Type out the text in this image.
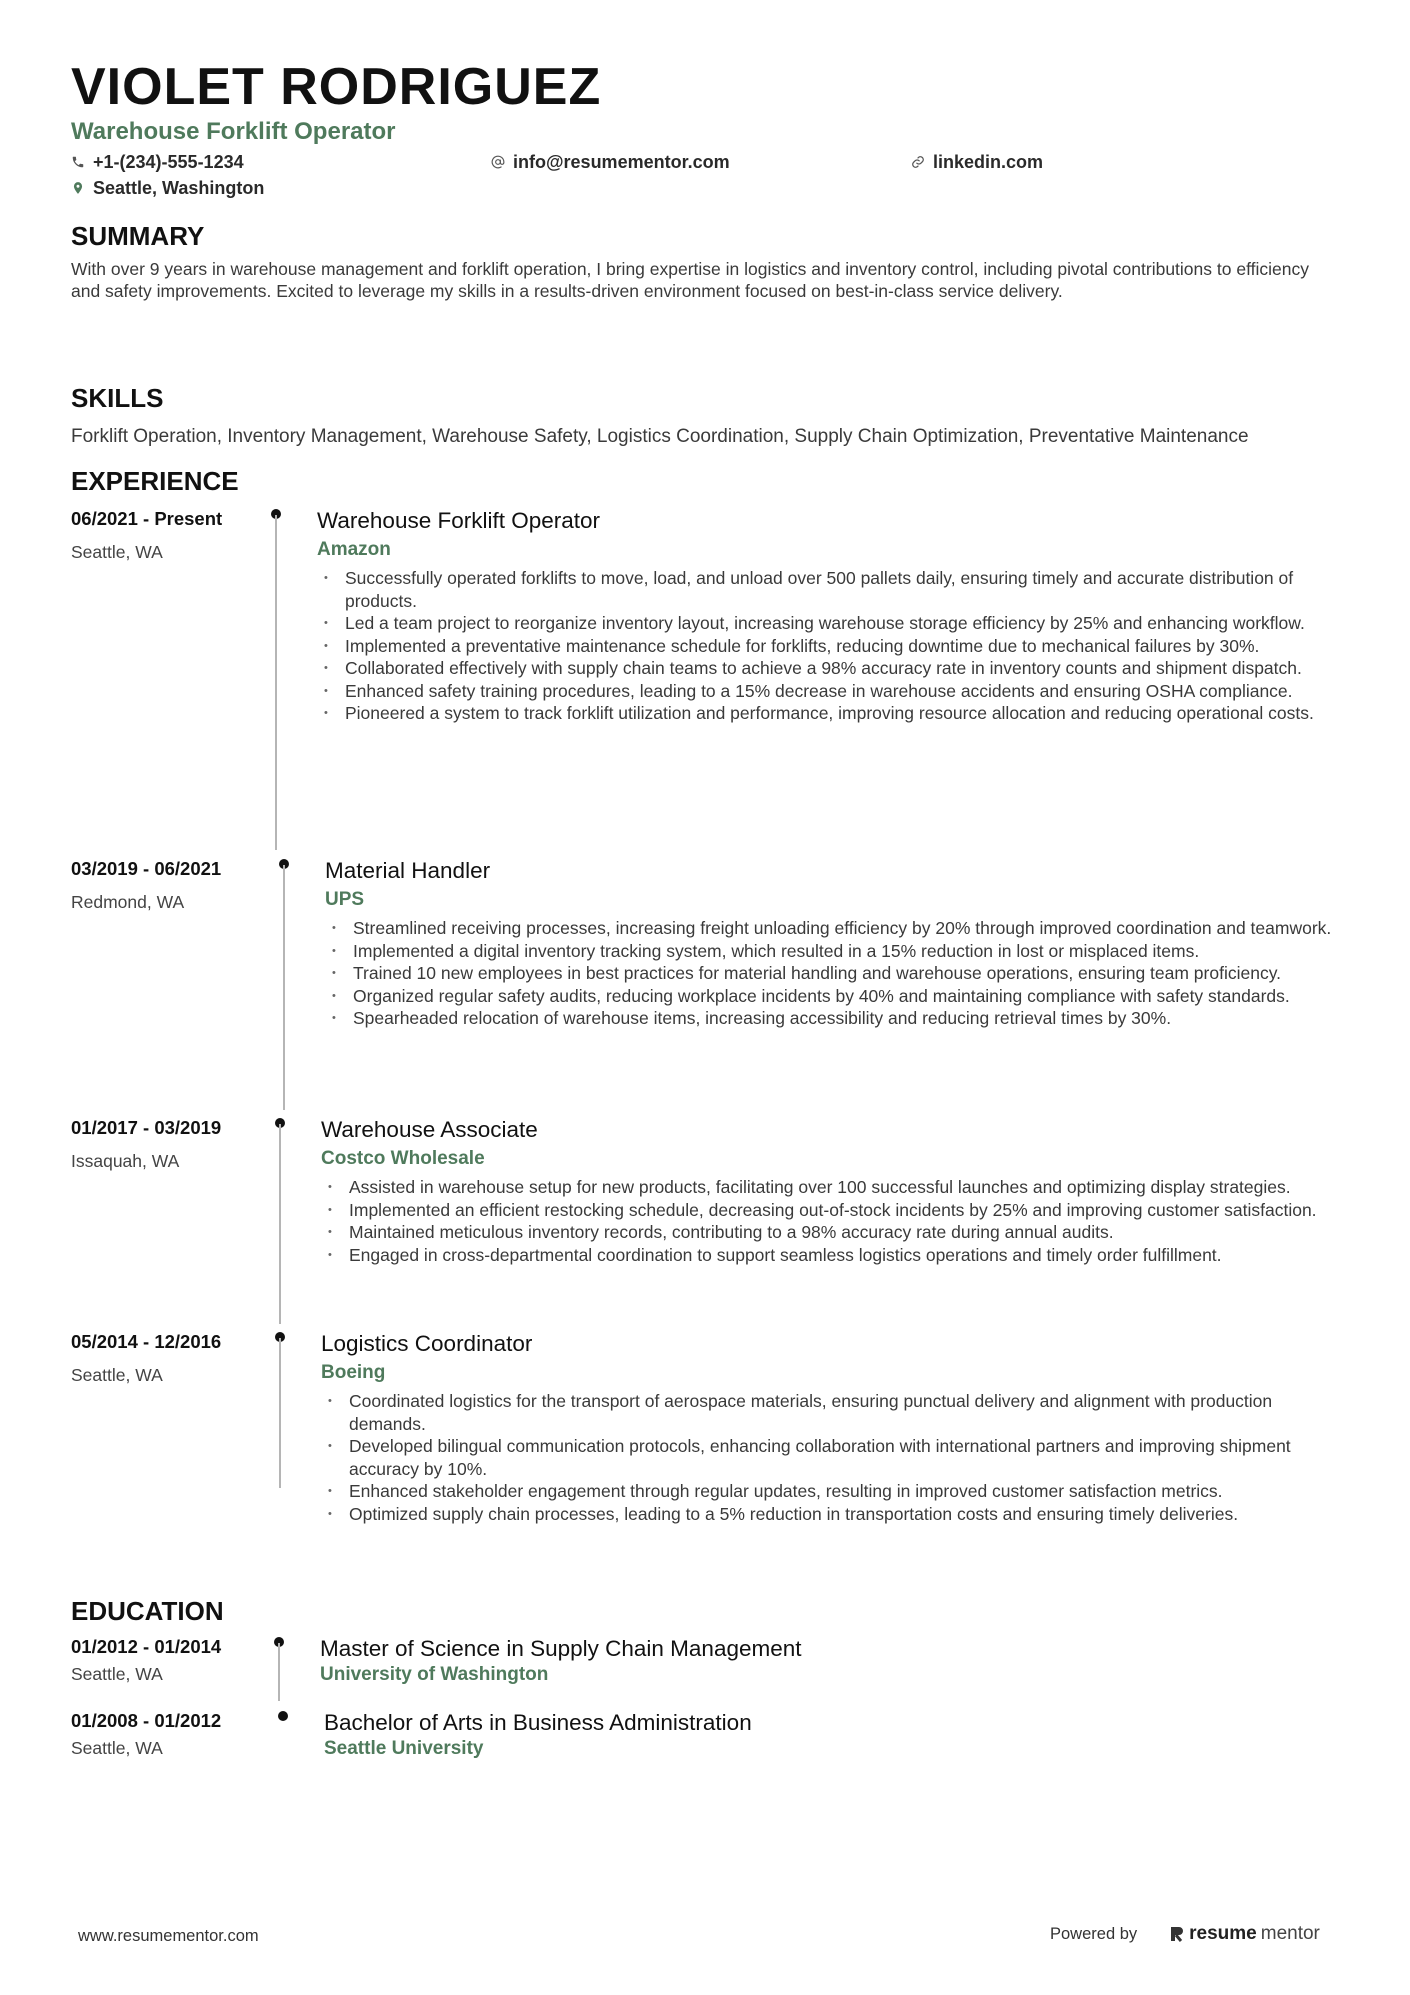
VIOLET RODRIGUEZ
Warehouse Forklift Operator
+1-(234)-555-1234	info@resumementor.com	linkedin.com
Seattle, Washington
SUMMARY

With over 9 years in warehouse management and forklift operation, I bring expertise in logistics and inventory control, including pivotal contributions to efficiency and safety improvements. Excited to leverage my skills in a results-driven environment focused on best-in-class service delivery.

SKILLS

Forklift Operation, Inventory Management, Warehouse Safety, Logistics Coordination, Supply Chain Optimization, Preventative Maintenance

EXPERIENCE
06/2021 - Present
Seattle, WA
Warehouse Forklift Operator
Amazon
• Successfully operated forklifts to move, load, and unload over 500 pallets daily, ensuring timely and accurate distribution of products.
• Led a team project to reorganize inventory layout, increasing warehouse storage efficiency by 25% and enhancing workflow.
• Implemented a preventative maintenance schedule for forklifts, reducing downtime due to mechanical failures by 30%.
• Collaborated effectively with supply chain teams to achieve a 98% accuracy rate in inventory counts and shipment dispatch.
• Enhanced safety training procedures, leading to a 15% decrease in warehouse accidents and ensuring OSHA compliance.
• Pioneered a system to track forklift utilization and performance, improving resource allocation and reducing operational costs.
03/2019 - 06/2021
Redmond, WA
Material Handler
UPS
• Streamlined receiving processes, increasing freight unloading efficiency by 20% through improved coordination and teamwork.
• Implemented a digital inventory tracking system, which resulted in a 15% reduction in lost or misplaced items.
• Trained 10 new employees in best practices for material handling and warehouse operations, ensuring team proficiency.
• Organized regular safety audits, reducing workplace incidents by 40% and maintaining compliance with safety standards.
• Spearheaded relocation of warehouse items, increasing accessibility and reducing retrieval times by 30%.
01/2017 - 03/2019
Issaquah, WA
Warehouse Associate
Costco Wholesale
• Assisted in warehouse setup for new products, facilitating over 100 successful launches and optimizing display strategies.
• Implemented an efficient restocking schedule, decreasing out-of-stock incidents by 25% and improving customer satisfaction.
• Maintained meticulous inventory records, contributing to a 98% accuracy rate during annual audits.
• Engaged in cross-departmental coordination to support seamless logistics operations and timely order fulfillment.
05/2014 - 12/2016
Seattle, WA
Logistics Coordinator
Boeing
• Coordinated logistics for the transport of aerospace materials, ensuring punctual delivery and alignment with production demands.
• Developed bilingual communication protocols, enhancing collaboration with international partners and improving shipment accuracy by 10%.
• Enhanced stakeholder engagement through regular updates, resulting in improved customer satisfaction metrics.
• Optimized supply chain processes, leading to a 5% reduction in transportation costs and ensuring timely deliveries.
EDUCATION
01/2012 - 01/2014
Seattle, WA
Master of Science in Supply Chain Management
University of Washington
01/2008 - 01/2012
Seattle, WA
Bachelor of Arts in Business Administration
Seattle University
www.resumementor.com	Powered by	resume mentor
